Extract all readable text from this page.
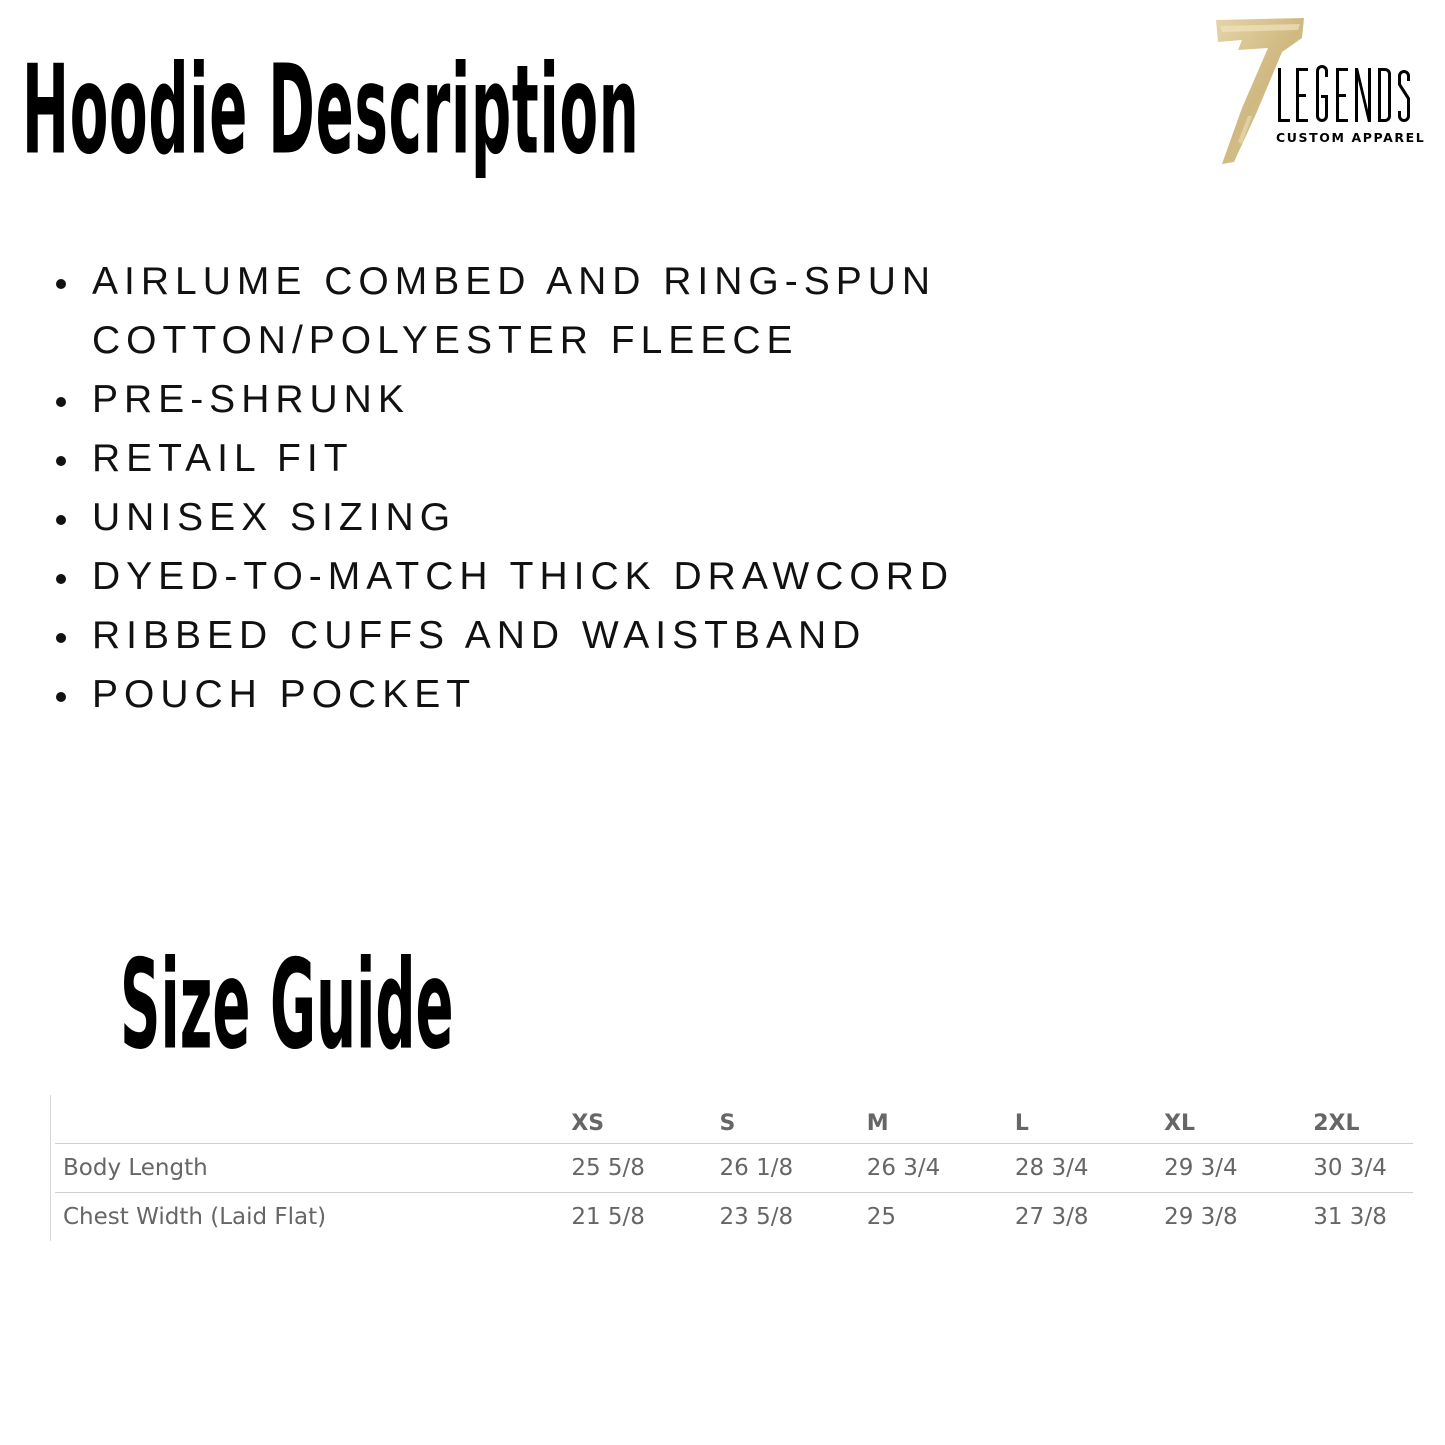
Hoodie Description	CUSTOM APPAREL
AIRLUME COMBED AND RING-SPUN
COTTON/POLYESTER FLEECE
PRE-SHRUNK
RETAIL FIT
UNISEX SIZING
DYED-TO-MATCH THICK DRAWCORD
RIBBED CUFFS AND WAISTBAND
POUCH POCKET
Size Guide
	XS	S	M	L	XL	2XL
Body Length	25 5/8	26 1/8	26 3/4	28 3/4	29 3/4	30 3/4
Chest Width (Laid Flat)	21 5/8	23 5/8	25	27 3/8	29 3/8	31 3/8
